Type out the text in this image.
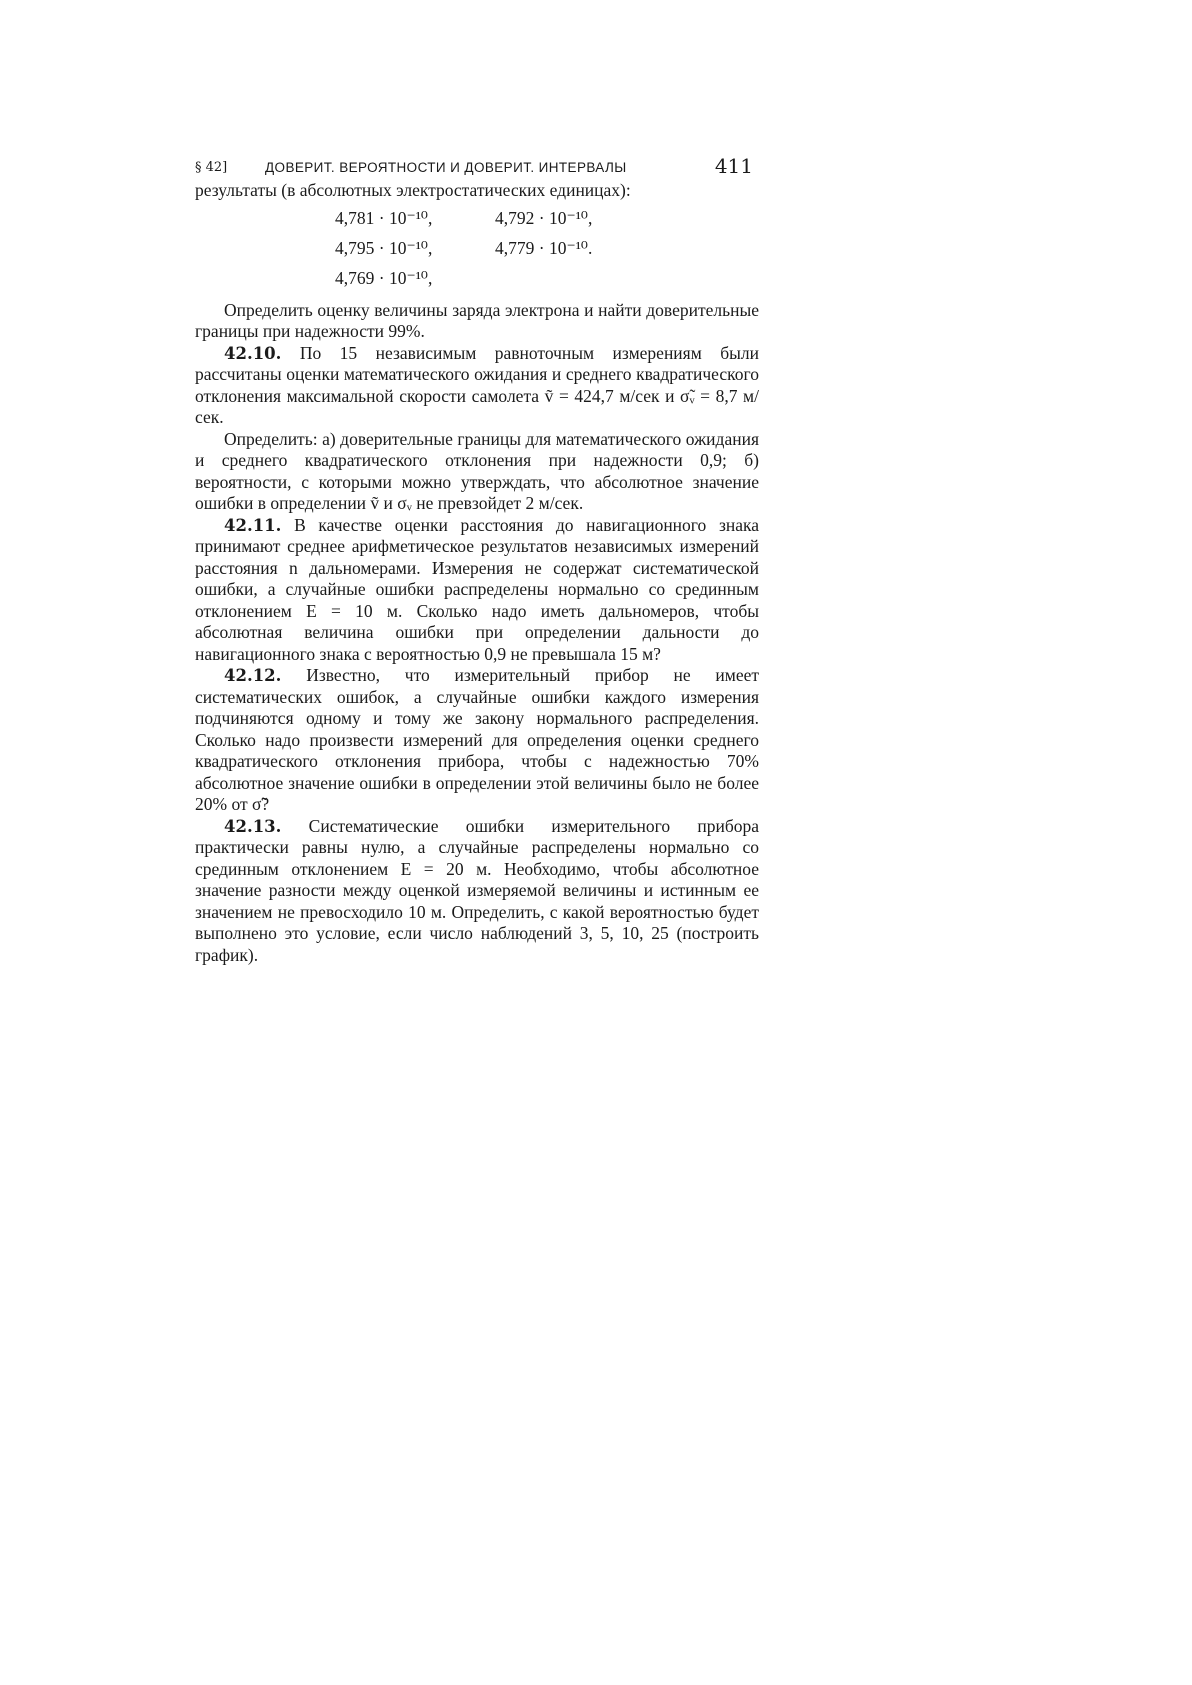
§ 42]	ДОВЕРИТ. ВЕРОЯТНОСТИ И ДОВЕРИТ. ИНТЕРВАЛЫ	411

результаты (в абсолютных электростатических единицах):

4,781 · 10⁻¹⁰,	4,792 · 10⁻¹⁰,
4,795 · 10⁻¹⁰,	4,779 · 10⁻¹⁰.
4,769 · 10⁻¹⁰,

Определить оценку величины заряда электрона и найти доверительные границы при надежности 99%.

42.10. По 15 независимым равноточным измерениям были рассчитаны оценки математического ожидания и среднего квадратического отклонения максимальной скорости самолета ṽ = 424,7 м/сек и σ̃ᵥ = 8,7 м/сек.

Определить: а) доверительные границы для математического ожидания и среднего квадратического отклонения при надежности 0,9; б) вероятности, с которыми можно утверждать, что абсолютное значение ошибки в определении ṽ и σᵥ не превзойдет 2 м/сек.

42.11. В качестве оценки расстояния до навигационного знака принимают среднее арифметическое результатов независимых измерений расстояния n дальномерами. Измерения не содержат систематической ошибки, а случайные ошибки распределены нормально со срединным отклонением E = 10 м. Сколько надо иметь дальномеров, чтобы абсолютная величина ошибки при определении дальности до навигационного знака с вероятностью 0,9 не превышала 15 м?

42.12. Известно, что измерительный прибор не имеет систематических ошибок, а случайные ошибки каждого измерения подчиняются одному и тому же закону нормального распределения. Сколько надо произвести измерений для определения оценки среднего квадратического отклонения прибора, чтобы с надежностью 70% абсолютное значение ошибки в определении этой величины было не более 20% от σ̃?

42.13. Систематические ошибки измерительного прибора практически равны нулю, а случайные распределены нормально со срединным отклонением E = 20 м. Необходимо, чтобы абсолютное значение разности между оценкой измеряемой величины и истинным ее значением не превосходило 10 м. Определить, с какой вероятностью будет выполнено это условие, если число наблюдений 3, 5, 10, 25 (построить график).
